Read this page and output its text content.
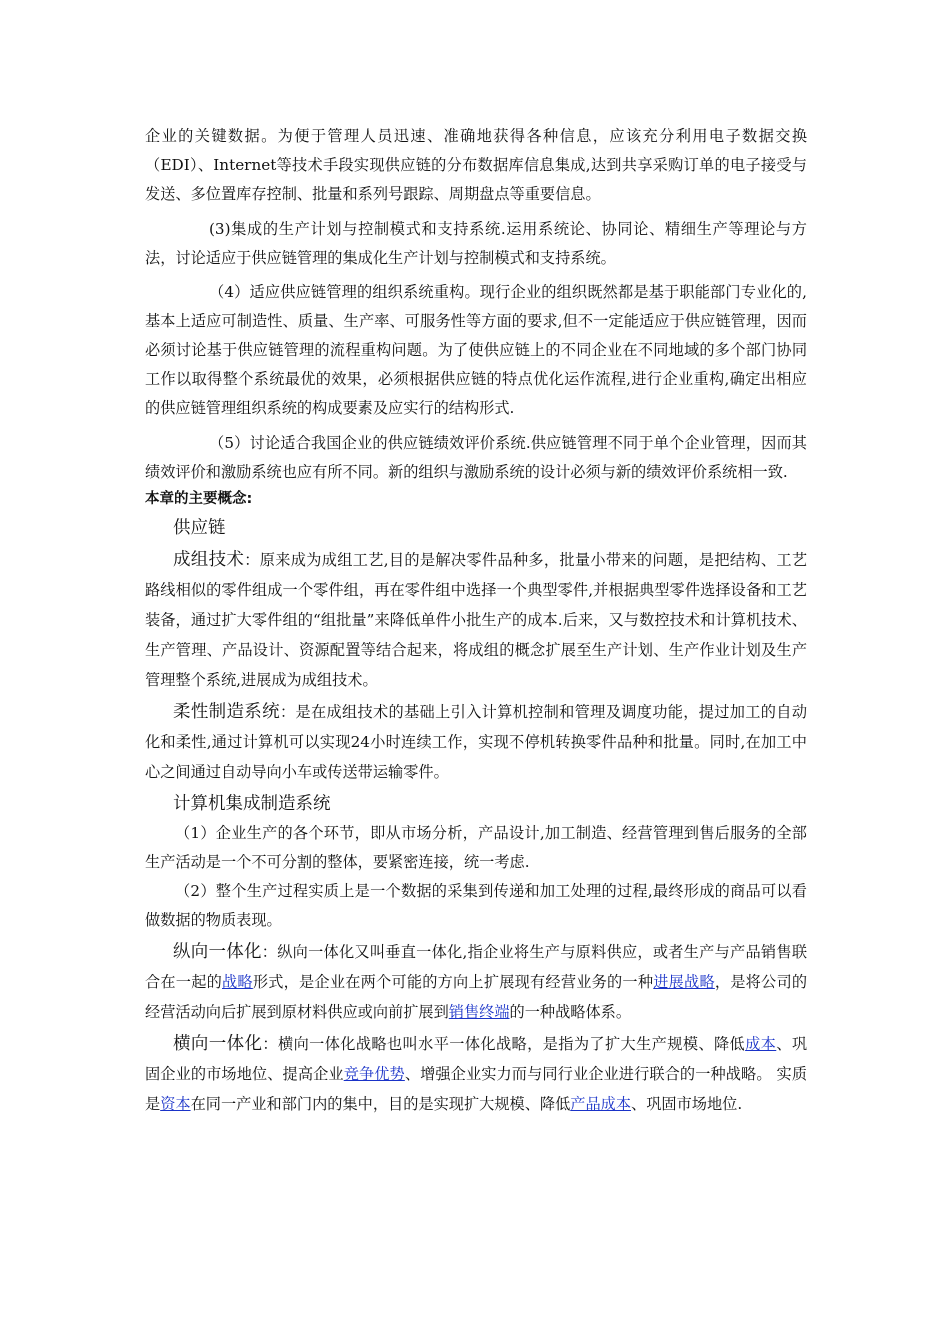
企业的关键数据。为便于管理人员迅速、准确地获得各种信息，应该充分利用电子数据交换（EDI）、Internet等技术手段实现供应链的分布数据库信息集成,达到共享采购订单的电子接受与发送、多位置库存控制、批量和系列号跟踪、周期盘点等重要信息。

(3)集成的生产计划与控制模式和支持系统.运用系统论、协同论、精细生产等理论与方法，讨论适应于供应链管理的集成化生产计划与控制模式和支持系统。

（4）适应供应链管理的组织系统重构。现行企业的组织既然都是基于职能部门专业化的,基本上适应可制造性、质量、生产率、可服务性等方面的要求,但不一定能适应于供应链管理，因而必须讨论基于供应链管理的流程重构问题。为了使供应链上的不同企业在不同地域的多个部门协同工作以取得整个系统最优的效果，必须根据供应链的特点优化运作流程,进行企业重构,确定出相应的供应链管理组织系统的构成要素及应实行的结构形式.

（5）讨论适合我国企业的供应链绩效评价系统.供应链管理不同于单个企业管理，因而其绩效评价和激励系统也应有所不同。新的组织与激励系统的设计必须与新的绩效评价系统相一致.

本章的主要概念:

供应链

成组技术：原来成为成组工艺,目的是解决零件品种多，批量小带来的问题，是把结构、工艺路线相似的零件组成一个零件组，再在零件组中选择一个典型零件,并根据典型零件选择设备和工艺装备，通过扩大零件组的“组批量”来降低单件小批生产的成本.后来，又与数控技术和计算机技术、生产管理、产品设计、资源配置等结合起来，将成组的概念扩展至生产计划、生产作业计划及生产管理整个系统,进展成为成组技术。

柔性制造系统：是在成组技术的基础上引入计算机控制和管理及调度功能，提过加工的自动化和柔性,通过计算机可以实现24小时连续工作，实现不停机转换零件品种和批量。同时,在加工中心之间通过自动导向小车或传送带运输零件。

计算机集成制造系统

（1）企业生产的各个环节，即从市场分析，产品设计,加工制造、经营管理到售后服务的全部生产活动是一个不可分割的整体，要紧密连接，统一考虑.

（2）整个生产过程实质上是一个数据的采集到传递和加工处理的过程,最终形成的商品可以看做数据的物质表现。

纵向一体化：纵向一体化又叫垂直一体化,指企业将生产与原料供应，或者生产与产品销售联合在一起的战略形式，是企业在两个可能的方向上扩展现有经营业务的一种进展战略，是将公司的经营活动向后扩展到原材料供应或向前扩展到销售终端的一种战略体系。

横向一体化：横向一体化战略也叫水平一体化战略，是指为了扩大生产规模、降低成本、巩固企业的市场地位、提高企业竞争优势、增强企业实力而与同行业企业进行联合的一种战略。 实质是资本在同一产业和部门内的集中，目的是实现扩大规模、降低产品成本、巩固市场地位.
